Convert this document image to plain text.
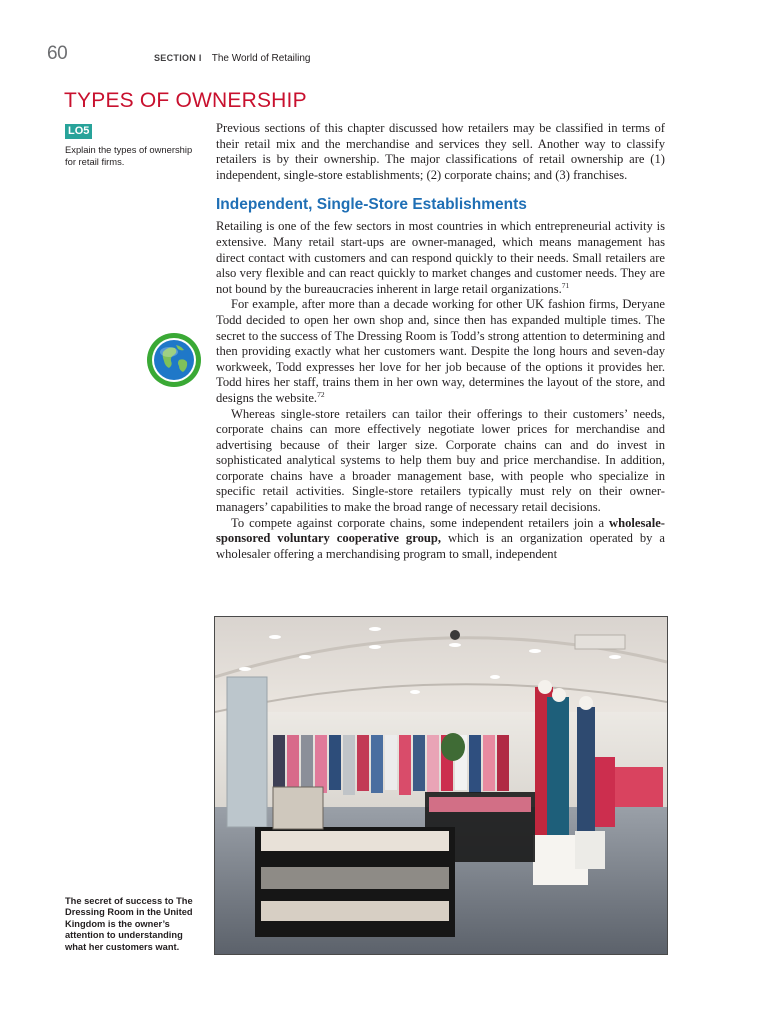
60	SECTION I The World of Retailing
TYPES OF OWNERSHIP
LO5
Explain the types of ownership for retail firms.

Previous sections of this chapter discussed how retailers may be classified in terms of their retail mix and the merchandise and services they sell. Another way to classify retailers is by their ownership. The major classifications of retail ownership are (1) independent, single-store establishments; (2) corporate chains; and (3) franchises.

Independent, Single-Store Establishments

Retailing is one of the few sectors in most countries in which entrepreneurial activity is extensive. Many retail start-ups are owner-managed, which means management has direct contact with customers and can respond quickly to their needs. Small retailers are also very flexible and can react quickly to market changes and customer needs. They are not bound by the bureaucracies inherent in large retail organizations.$^{71}$

For example, after more than a decade working for other UK fashion firms, Deryane Todd decided to open her own shop and, since then has expanded multiple times. The secret to the success of The Dressing Room is Todd’s strong attention to determining and then providing exactly what her customers want. Despite the long hours and seven-day workweek, Todd expresses her love for her job because of the options it provides her. Todd hires her staff, trains them in her own way, determines the layout of the store, and designs the website.$^{72}$

Whereas single-store retailers can tailor their offerings to their customers’ needs, corporate chains can more effectively negotiate lower prices for merchandise and advertising because of their larger size. Corporate chains can and do invest in sophisticated analytical systems to help them buy and price merchandise. In addition, corporate chains have a broader management base, with people who specialize in specific retail activities. Single-store retailers typically must rely on their owner-managers’ capabilities to make the broad range of necessary retail decisions.

To compete against corporate chains, some independent retailers join a wholesale-sponsored voluntary cooperative group, which is an organization operated by a wholesaler offering a merchandising program to small, independent

The secret of success to The Dressing Room in the United Kingdom is the owner’s attention to understanding what her customers want.
